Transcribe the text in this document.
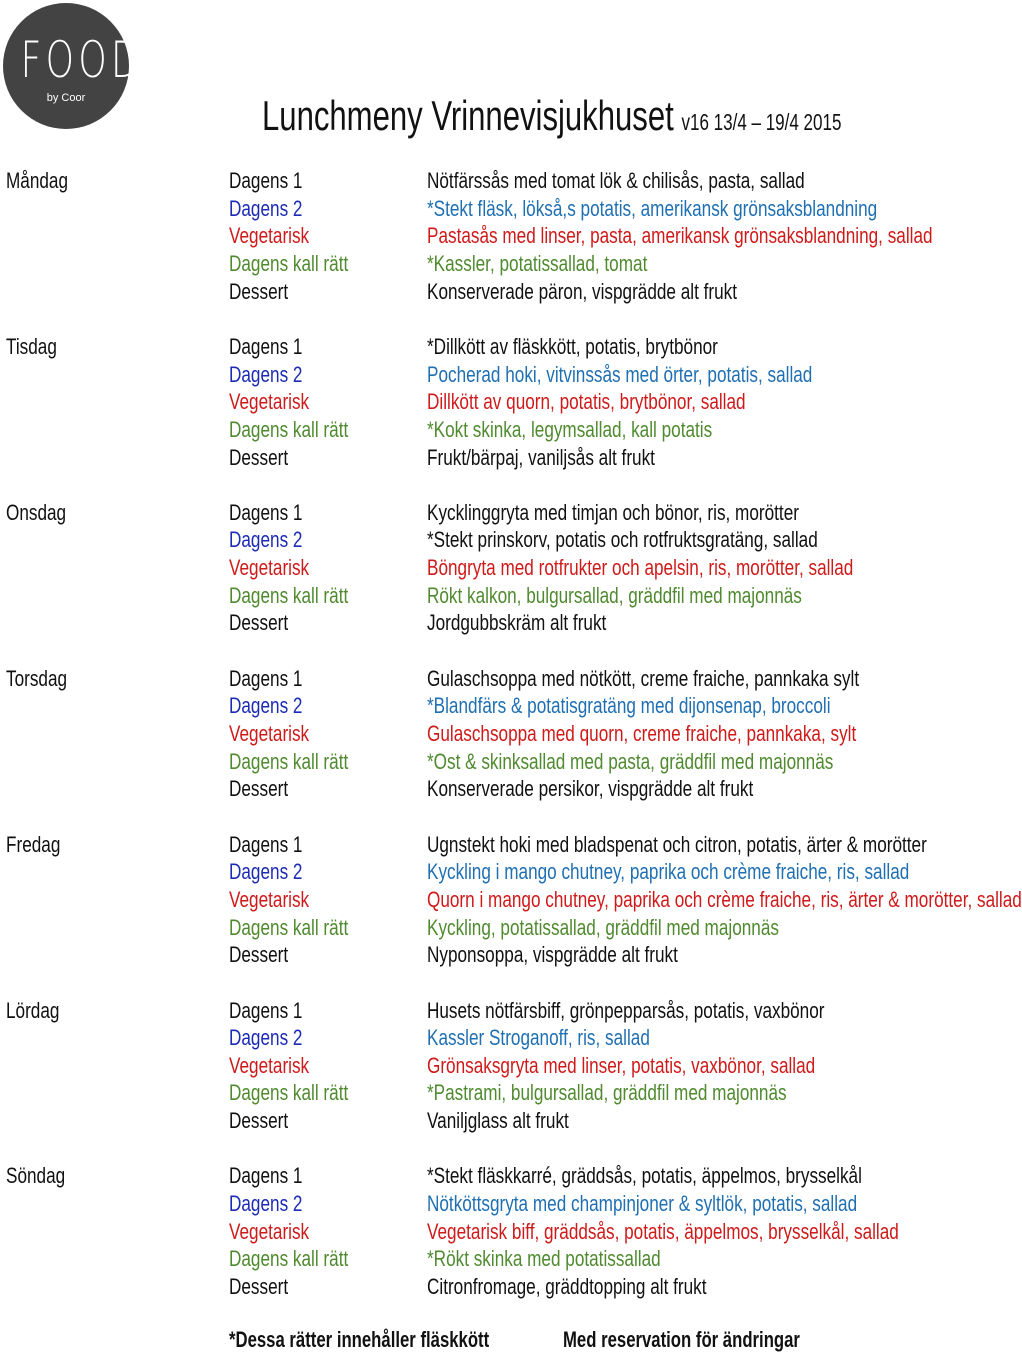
FOOD
by Coor	Lunchmeny Vrinnevisjukhuset v16 13/4 – 19/4 2015
Måndag	Dagens 1	Nötfärssås med tomat lök & chilisås, pasta, sallad
Dagens 2	*Stekt fläsk, lökså,s potatis, amerikansk grönsaksblandning
Vegetarisk	Pastasås med linser, pasta, amerikansk grönsaksblandning, sallad
Dagens kall rätt	*Kassler, potatissallad, tomat
Dessert	Konserverade päron, vispgrädde alt frukt
Tisdag	Dagens 1	*Dillkött av fläskkött, potatis, brytbönor
Dagens 2	Pocherad hoki, vitvinssås med örter, potatis, sallad
Vegetarisk	Dillkött av quorn, potatis, brytbönor, sallad
Dagens kall rätt	*Kokt skinka, legymsallad, kall potatis
Dessert	Frukt/bärpaj, vaniljsås alt frukt
Onsdag	Dagens 1	Kycklinggryta med timjan och bönor, ris, morötter
Dagens 2	*Stekt prinskorv, potatis och rotfruktsgratäng, sallad
Vegetarisk	Böngryta med rotfrukter och apelsin, ris, morötter, sallad
Dagens kall rätt	Rökt kalkon, bulgursallad, gräddfil med majonnäs
Dessert	Jordgubbskräm alt frukt
Torsdag	Dagens 1	Gulaschsoppa med nötkött, creme fraiche, pannkaka sylt
Dagens 2	*Blandfärs & potatisgratäng med dijonsenap, broccoli
Vegetarisk	Gulaschsoppa med quorn, creme fraiche, pannkaka, sylt
Dagens kall rätt	*Ost & skinksallad med pasta, gräddfil med majonnäs
Dessert	Konserverade persikor, vispgrädde alt frukt
Fredag	Dagens 1	Ugnstekt hoki med bladspenat och citron, potatis, ärter & morötter
Dagens 2	Kyckling i mango chutney, paprika och crème fraiche, ris, sallad
Vegetarisk	Quorn i mango chutney, paprika och crème fraiche, ris, ärter & morötter, sallad
Dagens kall rätt	Kyckling, potatissallad, gräddfil med majonnäs
Dessert	Nyponsoppa, vispgrädde alt frukt
Lördag	Dagens 1	Husets nötfärsbiff, grönpepparsås, potatis, vaxbönor
Dagens 2	Kassler Stroganoff, ris, sallad
Vegetarisk	Grönsaksgryta med linser, potatis, vaxbönor, sallad
Dagens kall rätt	*Pastrami, bulgursallad, gräddfil med majonnäs
Dessert	Vaniljglass alt frukt
Söndag	Dagens 1	*Stekt fläskkarré, gräddsås, potatis, äppelmos, brysselkål
Dagens 2	Nötköttsgryta med champinjoner & syltlök, potatis, sallad
Vegetarisk	Vegetarisk biff, gräddsås, potatis, äppelmos, brysselkål, sallad
Dagens kall rätt	*Rökt skinka med potatissallad
Dessert	Citronfromage, gräddtopping alt frukt
*Dessa rätter innehåller fläskkött	Med reservation för ändringar
